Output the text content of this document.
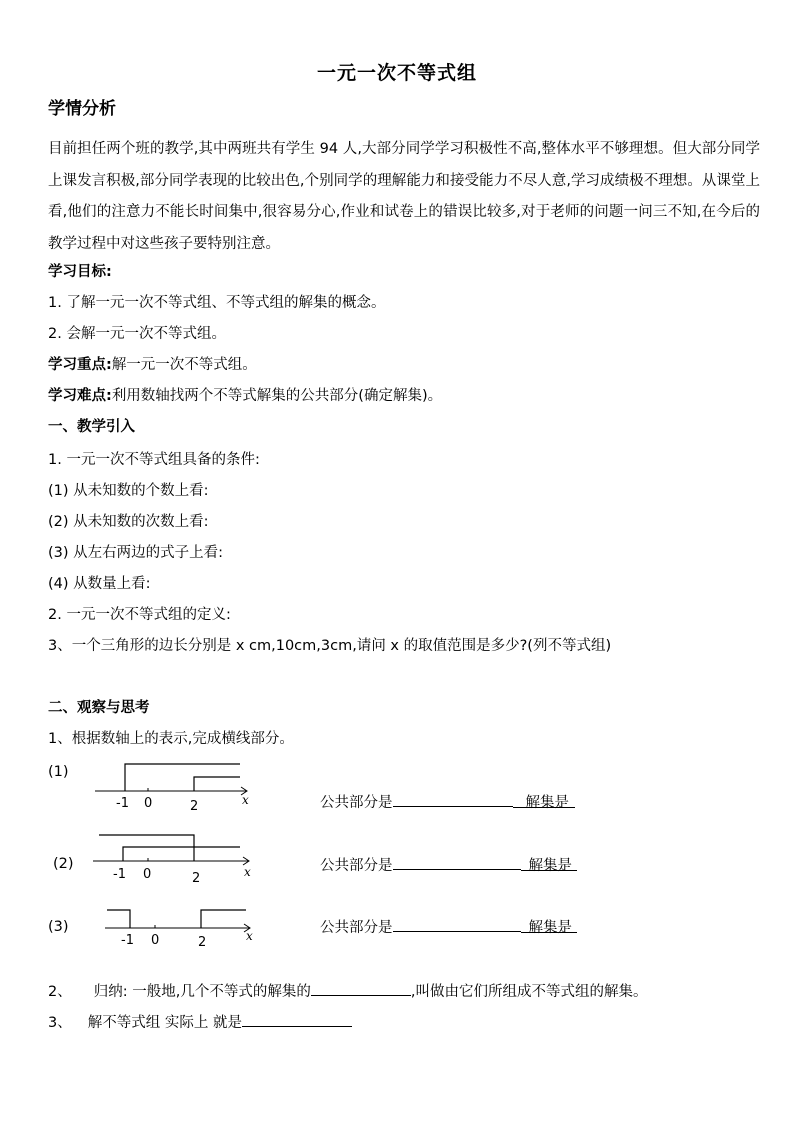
一元一次不等式组
学情分析
目前担任两个班的教学,其中两班共有学生 94 人,大部分同学学习积极性不高,整体水平不够理想。但大部分同学上课发言积极,部分同学表现的比较出色,个别同学的理解能力和接受能力不尽人意,学习成绩极不理想。从课堂上看,他们的注意力不能长时间集中,很容易分心,作业和试卷上的错误比较多,对于老师的问题一问三不知,在今后的教学过程中对这些孩子要特别注意。
学习目标:
1. 了解一元一次不等式组、不等式组的解集的概念。
2. 会解一元一次不等式组。
学习重点:解一元一次不等式组。
学习难点:利用数轴找两个不等式解集的公共部分(确定解集)。
一、教学引入
1. 一元一次不等式组具备的条件:
(1) 从未知数的个数上看:
(2) 从未知数的次数上看:
(3) 从左右两边的式子上看:
(4) 从数量上看:
2. 一元一次不等式组的定义:
3、一个三角形的边长分别是 x cm,10cm,3cm,请问 x 的取值范围是多少?(列不等式组)
二、观察与思考
1、根据数轴上的表示,完成横线部分。
(1)
-1 0	2	x	公共部分是	解集是
(2)
-1 0	2	x	公共部分是	解集是
(3)
-1 0	2	x	公共部分是	解集是
2、 归纳: 一般地,几个不等式的解集的	,叫做由它们所组成不等式组的解集。
3、 解不等式组 实际上 就是
